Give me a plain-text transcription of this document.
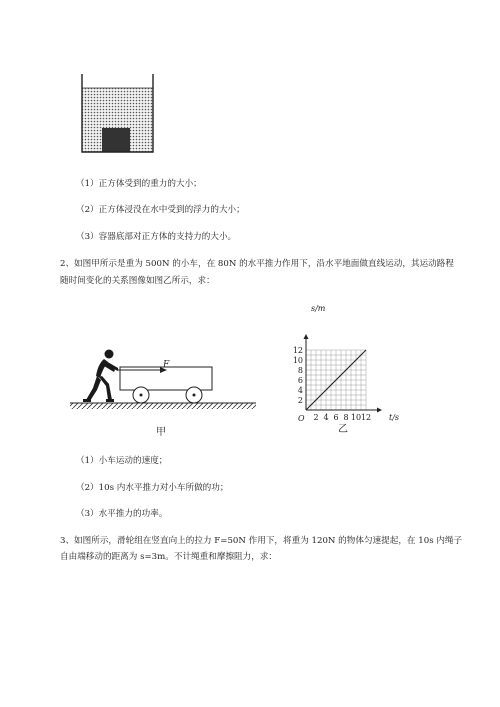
（1）正方体受到的重力的大小；
（2）正方体浸没在水中受到的浮力的大小；
（3）容器底部对正方体的支持力的大小。
2、如图甲所示是重为 500N 的小车，在 80N 的水平推力作用下，沿水平地面做直线运动，其运动路程
随时间变化的关系图像如图乙所示，求：
F
甲
2 4 6 8 10 12
2
4
6
8
10
12
s/m
t/s
O
乙
（1）小车运动的速度；
（2）10s 内水平推力对小车所做的功；
（3）水平推力的功率。
3、如图所示，滑轮组在竖直向上的拉力 F=50N 作用下，将重为 120N 的物体匀速提起，在 10s 内绳子
自由端移动的距离为 s=3m。不计绳重和摩擦阻力，求：
